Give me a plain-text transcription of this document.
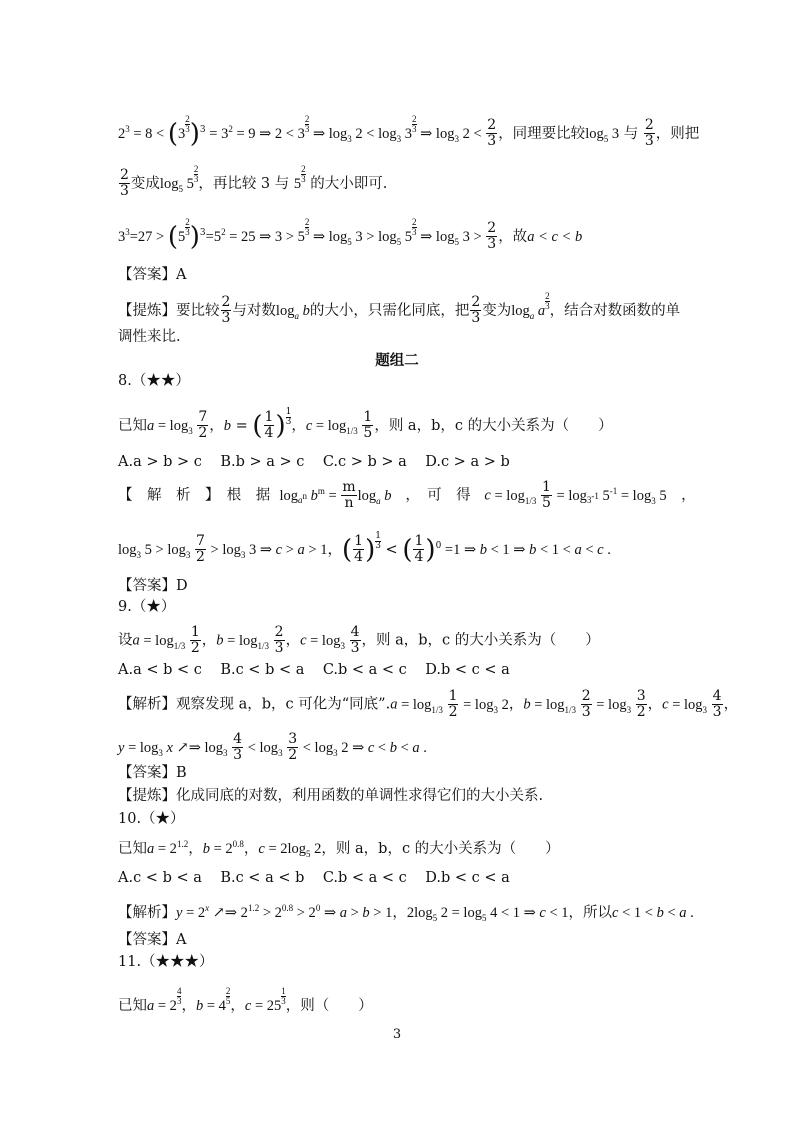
$2^3 = 8 < (3 \frac{2}{3} )^3 = 3^2 = 9$ ⇒ $2 < 3 \frac{2}{3}$ ⇒ $\log_3 2 < \log_3 3 \frac{2}{3}$ ⇒ $\log_3 2 < \frac{2}{3}$ ，同理要比较$\log_5 3$ 与 $\frac{2}{3}$ ，则把
$\frac{2}{3}$ 变成$\log_5 5 \frac{2}{3}$ ，再比较 3 与 $5 \frac{2}{3}$ 的大小即可.
$3^3=27 > (5 \frac{2}{3} )^3=5^2 = 25$ ⇒ $3 > 5 \frac{2}{3}$ ⇒ $\log_5 3 > \log_5 5 \frac{2}{3}$ ⇒ $\log_5 3 > \frac{2}{3}$ ，故a < c < b
【答案】A
【提炼】要比较 $\frac{2}{3}$ 与对数$\log_a b$的大小，只需化同底，把 $\frac{2}{3}$ 变为$\log_a a \frac{2}{3}$ ，结合对数函数的单
调性来比.
题组二
8.（★★）
已知$a = \log_3 \frac{7}{2}$ ，b = ( $\frac{1}{4}$ ) $\frac{1}{3}$ ，$c = \log_{1/3} \frac{1}{5}$ ，则 a，b，c 的大小关系为（　　）
A.a > b > c B.b > a > c C.c > b > a D.c > a > b
【　解　析　】　根　据 $\log_{a^n} b^m = \frac{m}{n} \log_a b$ ，　可　得 $c = \log_{1/3} \frac{1}{5} = \log_{3^{-1}} 5^{-1} = \log_3 5$　，
$\log_3 5 > \log_3 \frac{7}{2} > \log_3 3$ ⇒ c > a > 1，( $\frac{1}{4}$ ) $\frac{1}{3}$ < ( $\frac{1}{4} )^0 =1$ ⇒ b < 1 ⇒ b < 1 < a < c .
【答案】D
9.（★）
设$a = \log_{1/3} \frac{1}{2}$ ，$b = \log_{1/3} \frac{2}{3}$ ，$c = \log_3 \frac{4}{3}$ ，则 a，b，c 的大小关系为（　　）
A.a < b < c B.c < b < a C.b < a < c D.b < c < a
【解析】观察发现 a，b，c 可化为“同底”.a = $\log_{1/3} \frac{1}{2} = \log_3 2$，$b = \log_{1/3} \frac{2}{3} = \log_3 \frac{3}{2}$ ，$c = \log_3 \frac{4}{3}$ ，
$y = \log_3 x$ ↗⇒ $\log_3 \frac{4}{3} < \log_3 \frac{3}{2} < \log_3 2$ ⇒ c < b < a .
【答案】B
【提炼】化成同底的对数，利用函数的单调性求得它们的大小关系.
10.（★）
已知$a = 2^{1.2}$，$b = 2^{0.8}$，$c = 2\log_5$ 2，则 a，b，c 的大小关系为（　　）
A.c < b < a B.c < a < b C.b < a < c D.b < c < a
【解析】$y = 2^x$ ↗⇒ $2^{1.2} > 2^{0.8} > 2^0$ ⇒ a > b > 1，$2\log_5$ $2 = \log_5 4 < 1$ ⇒ c < 1，所以c < 1 < b < a .
【答案】A
11.（★★★）
已知$a = 2 \frac{4}{3}$ ，$b = 4 \frac{2}{5}$ ，$c = 25 \frac{1}{3}$ ，则（　　）
3
